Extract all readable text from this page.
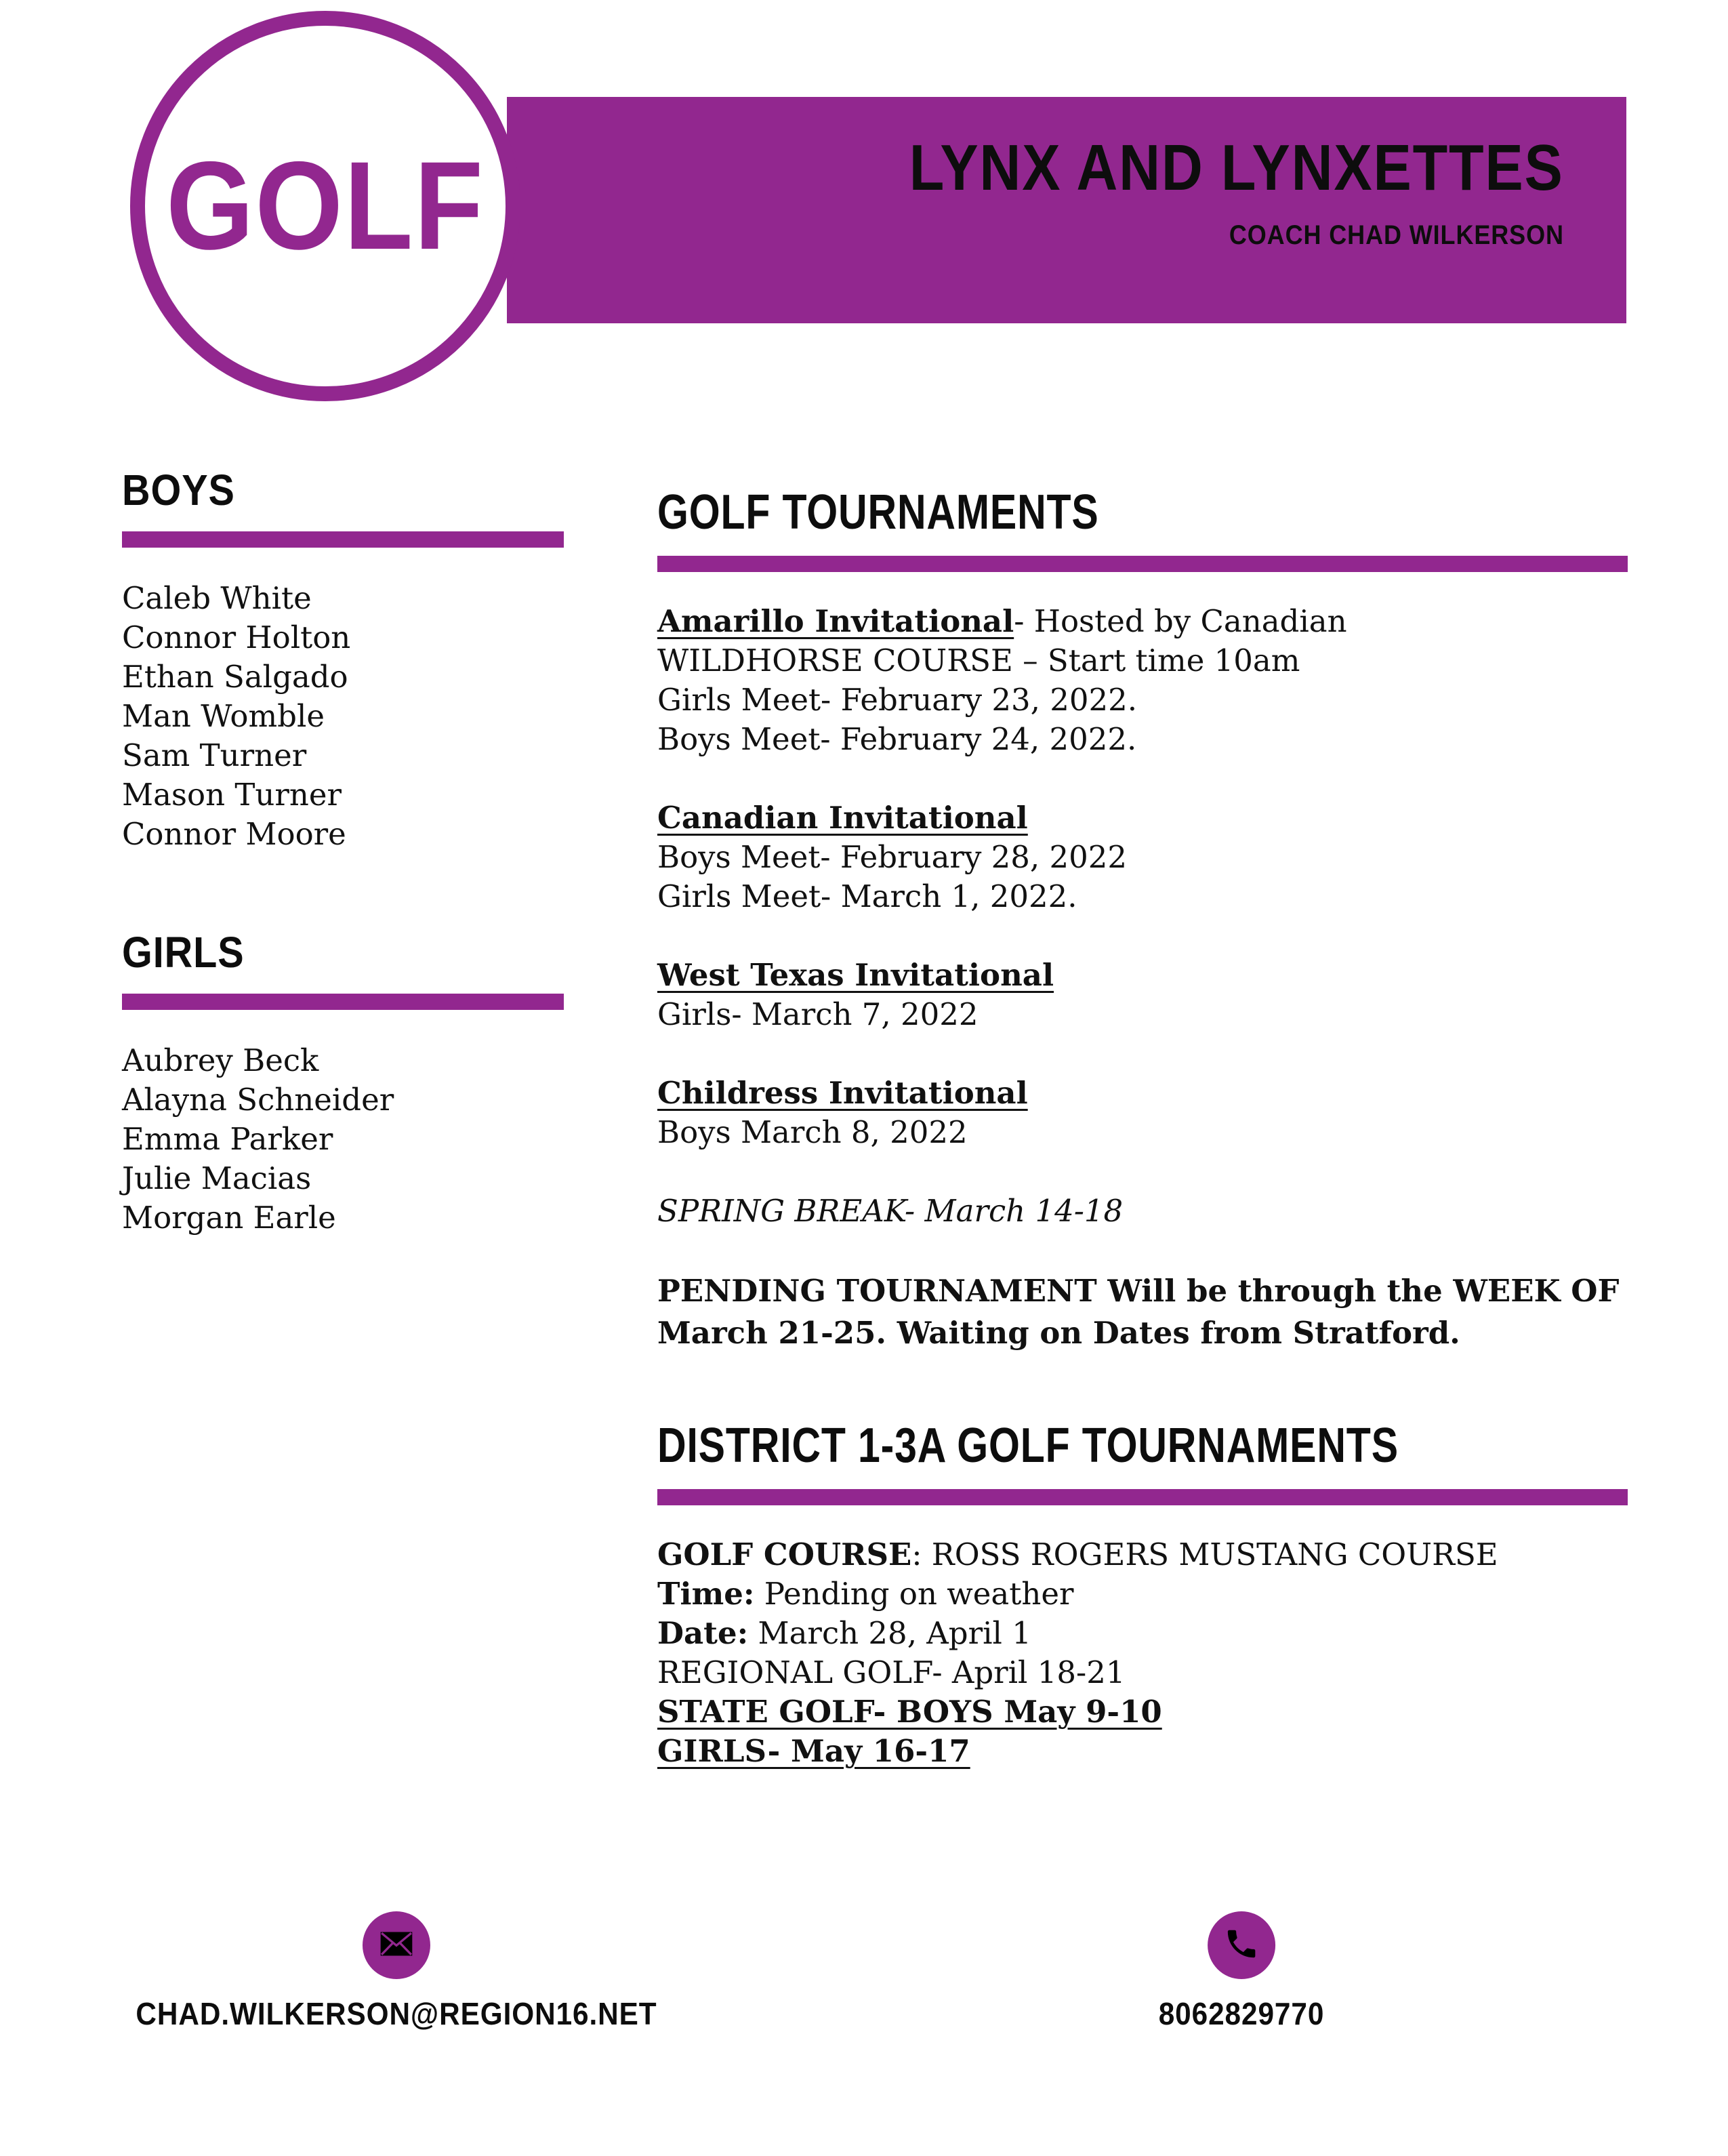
LYNX AND LYNXETTES
COACH CHAD WILKERSON
GOLF
BOYS
Caleb White
Connor Holton
Ethan Salgado
Man Womble
Sam Turner
Mason Turner
Connor Moore
GIRLS
Aubrey Beck
Alayna Schneider
Emma Parker
Julie Macias
Morgan Earle
GOLF TOURNAMENTS
Amarillo Invitational- Hosted by Canadian
WILDHORSE COURSE – Start time 10am
Girls Meet- February 23, 2022.
Boys Meet- February 24, 2022.
Canadian Invitational
Boys Meet- February 28, 2022
Girls Meet- March 1, 2022.
West Texas Invitational
Girls- March 7, 2022
Childress Invitational
Boys March 8, 2022
SPRING BREAK- March 14-18
PENDING TOURNAMENT Will be through the WEEK OF
March 21-25. Waiting on Dates from Stratford.
DISTRICT 1-3A GOLF TOURNAMENTS
GOLF COURSE: ROSS ROGERS MUSTANG COURSE
Time: Pending on weather
Date: March 28, April 1
REGIONAL GOLF- April 18-21
STATE GOLF- BOYS May 9-10
GIRLS- May 16-17
CHAD.WILKERSON@REGION16.NET	8062829770
